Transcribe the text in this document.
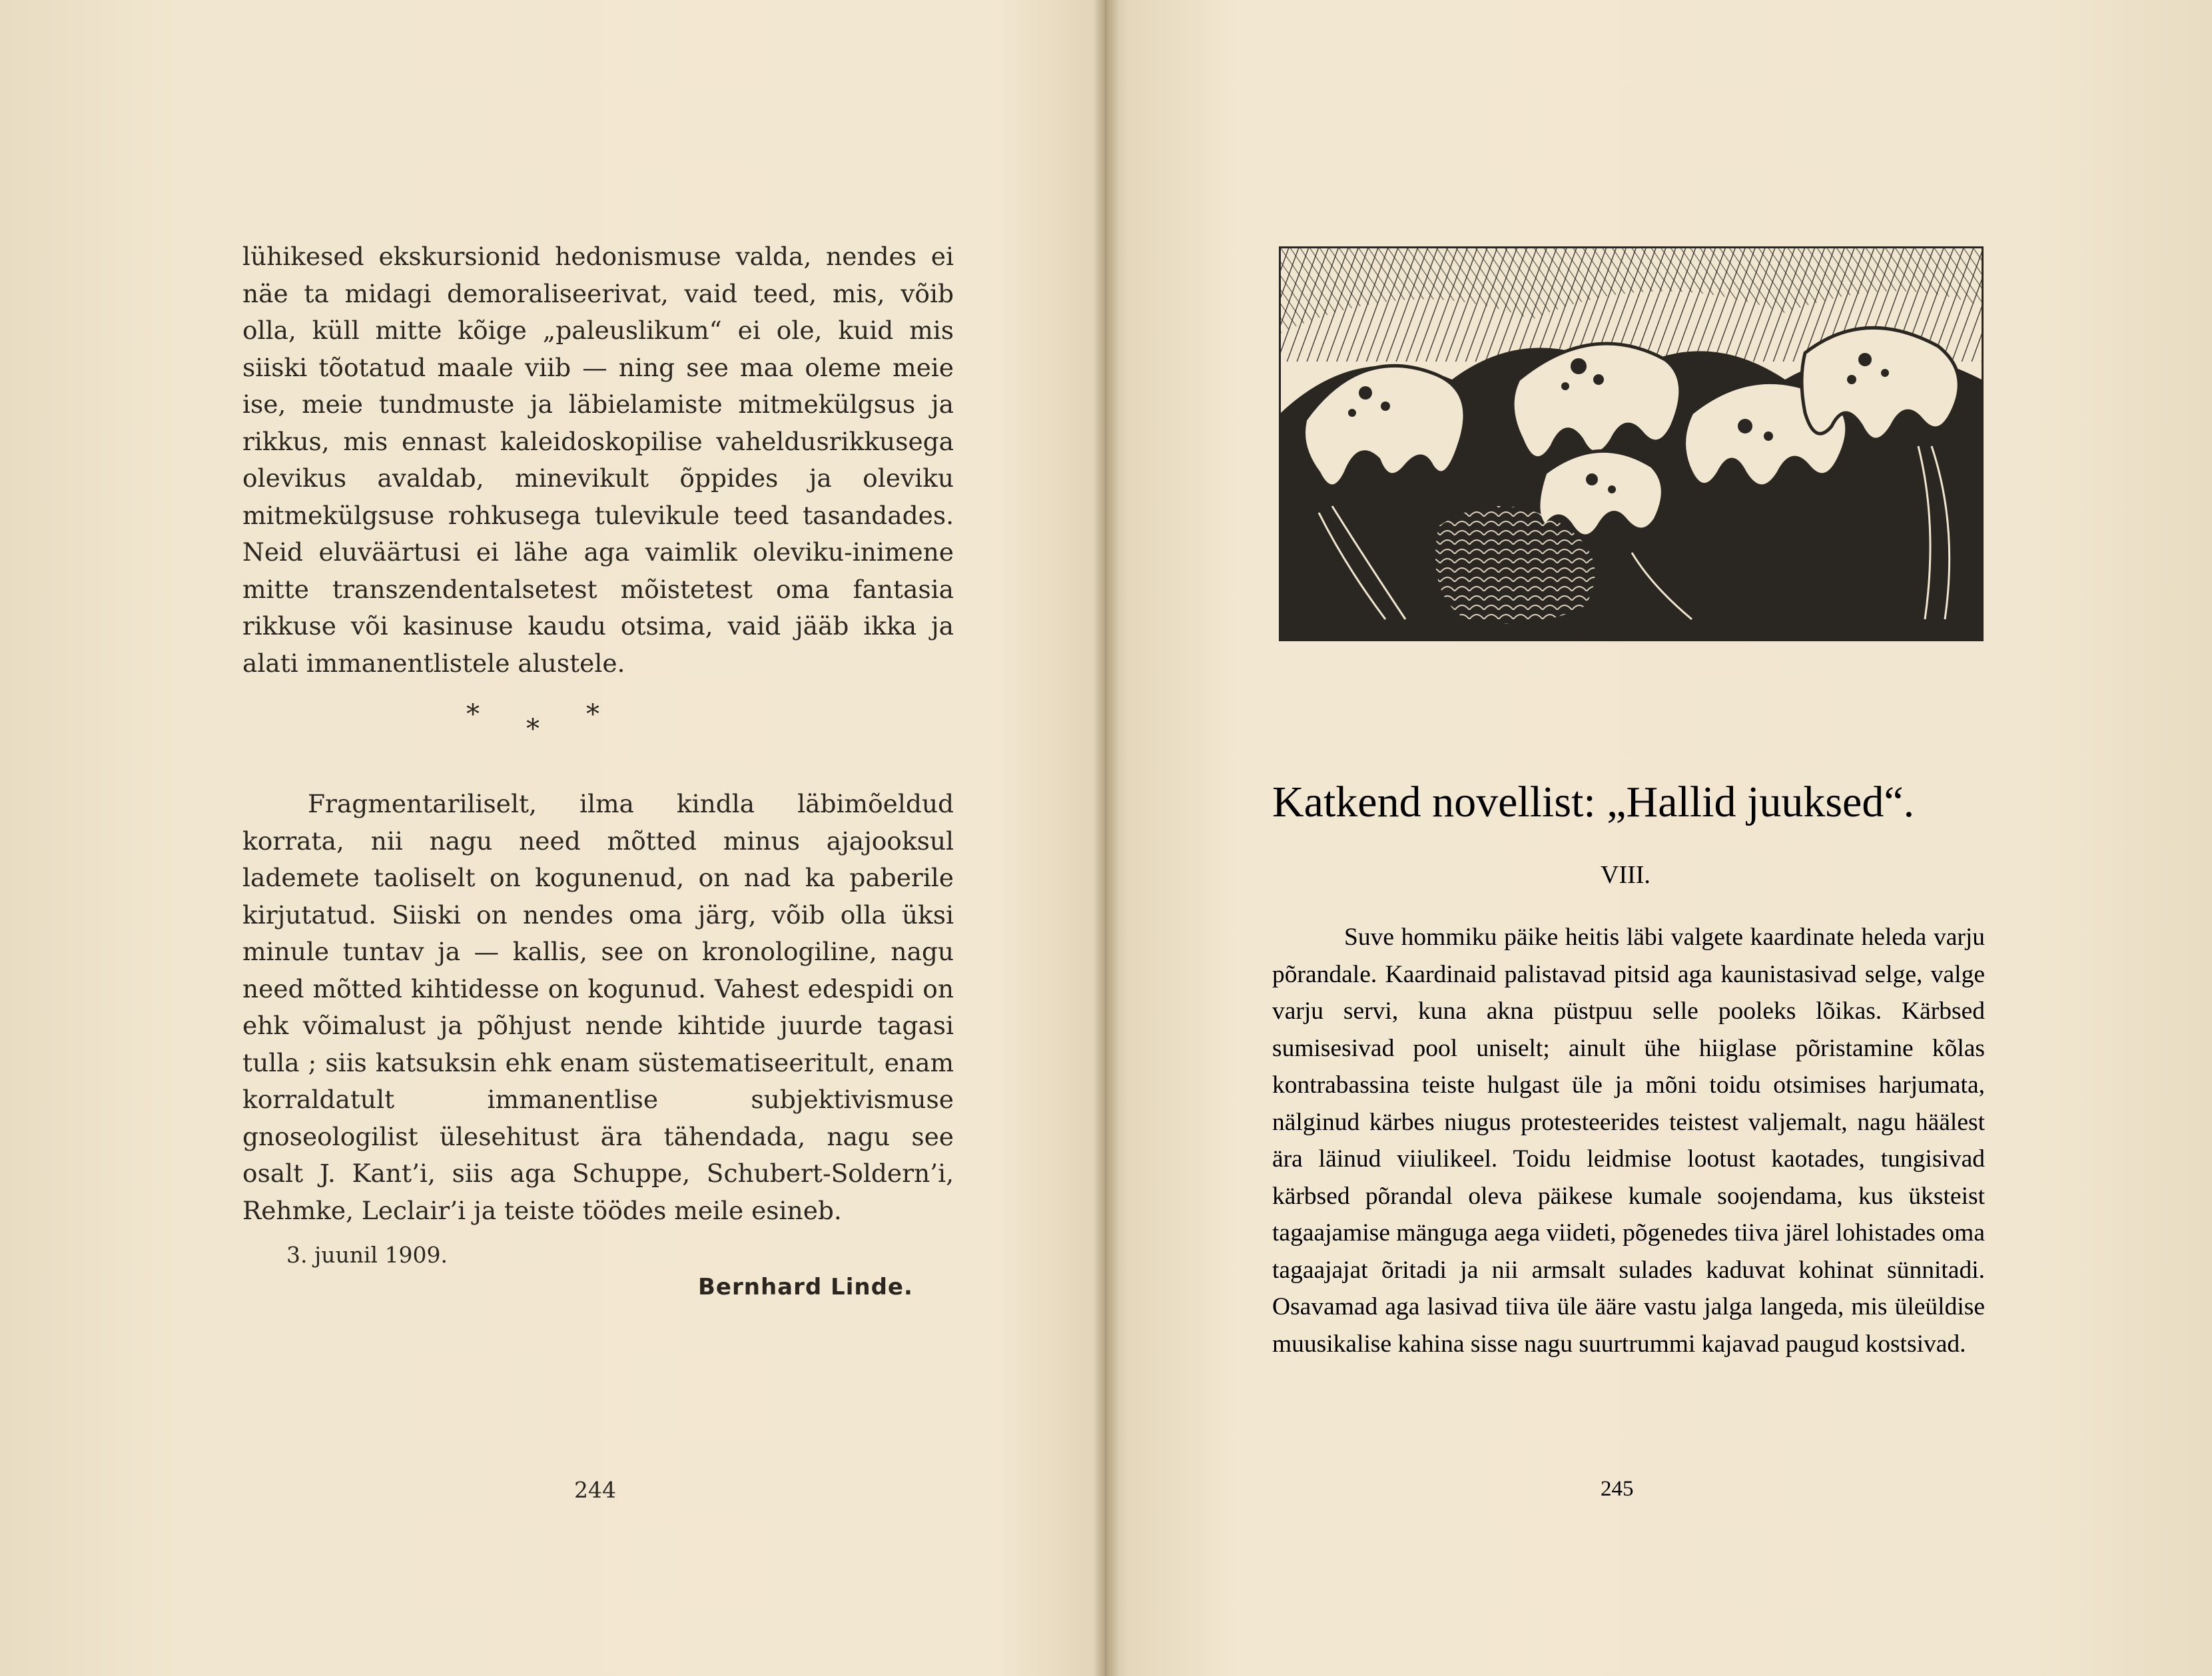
lühikesed ekskursionid hedonismuse valda, nendes ei näe ta midagi demoraliseerivat, vaid teed, mis, võib olla, küll mitte kõige „paleuslikum“ ei ole, kuid mis siiski tõotatud maale viib — ning see maa oleme meie ise, meie tundmuste ja läbielamiste mitmekülgsus ja rikkus, mis ennast kaleidoskopilise vaheldusrikkusega olevikus avaldab, minevikult õppides ja oleviku mitmekülgsuse rohkusega tulevikule teed tasandades. Neid eluväärtusi ei lähe aga vaimlik oleviku-inimene mitte transzendentalsetest mõistetest oma fantasia rikkuse või kasinuse kaudu otsima, vaid jääb ikka ja alati immanentlistele alustele.

*	*
*

Fragmentariliselt, ilma kindla läbimõeldud korrata, nii nagu need mõtted minus ajajooksul lademete taoliselt on kogunenud, on nad ka paberile kirjutatud. Siiski on nendes oma järg, võib olla üksi minule tuntav ja — kallis, see on kronologiline, nagu need mõtted kihtidesse on kogunud. Vahest edespidi on ehk võimalust ja põhjust nende kihtide juurde tagasi tulla ; siis katsuksin ehk enam süstematiseeritult, enam korraldatult immanentlise subjektivismuse gnoseologilist ülesehitust ära tähendada, nagu see osalt J. Kant’i, siis aga Schuppe, Schubert-Soldern’i, Rehmke, Leclair’i ja teiste töödes meile esineb.

3. juunil 1909.
Bernhard Linde.
244
AT
Katkend novellist: „Hallid juuksed“.
VIII.

Suve hommiku päike heitis läbi valgete kaardinate heleda varju põrandale. Kaardinaid palistavad pitsid aga kaunistasivad selge, valge varju servi, kuna akna püstpuu selle pooleks lõikas. Kärbsed sumisesivad pool uniselt; ainult ühe hiiglase põristamine kõlas kontrabassina teiste hulgast üle ja mõni toidu otsimises harjumata, nälginud kärbes niugus protesteerides teistest valjemalt, nagu häälest ära läinud viiulikeel. Toidu leidmise lootust kaotades, tungisivad kärbsed põrandal oleva päikese kumale soojendama, kus üksteist tagaajamise mänguga aega viideti, põgenedes tiiva järel lohistades oma tagaajajat õritadi ja nii armsalt sulades kaduvat kohinat sünnitadi. Osavamad aga lasivad tiiva üle ääre vastu jalga langeda, mis üleüldise muusikalise kahina sisse nagu suurtrummi kajavad paugud kostsivad.

245
